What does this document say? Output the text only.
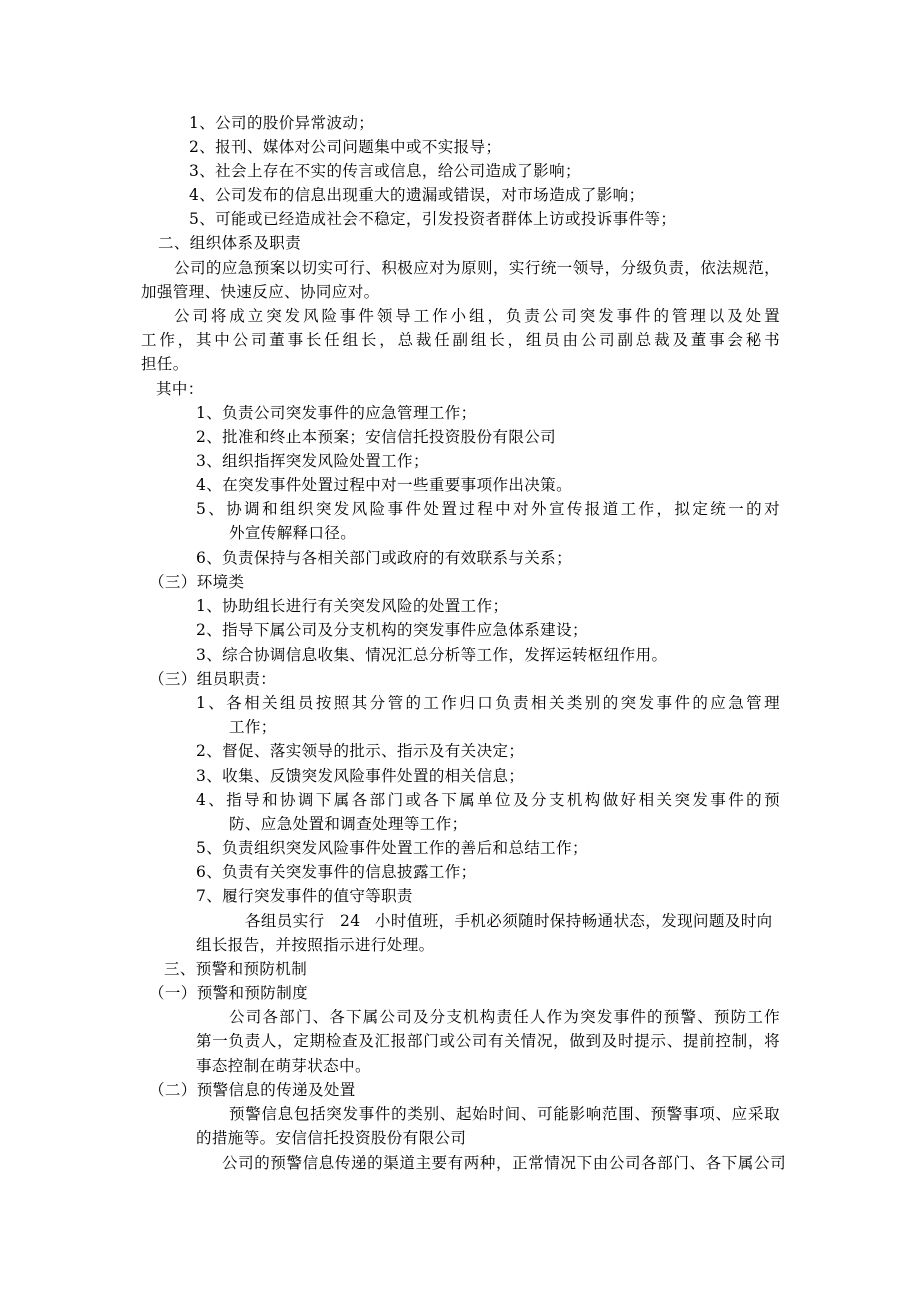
1、公司的股价异常波动；
2、报刊、媒体对公司问题集中或不实报导；
3、社会上存在不实的传言或信息，给公司造成了影响；
4、公司发布的信息出现重大的遗漏或错误，对市场造成了影响；
5、可能或已经造成社会不稳定，引发投资者群体上访或投诉事件等；
二、组织体系及职责
公司的应急预案以切实可行、积极应对为原则，实行统一领导，分级负责，依法规范，
加强管理、快速反应、协同应对。
公司将成立突发风险事件领导工作小组，负责公司突发事件的管理以及处置
工作，其中公司董事长任组长，总裁任副组长，组员由公司副总裁及董事会秘书
担任。
其中：
1、负责公司突发事件的应急管理工作；
2、批准和终止本预案；安信信托投资股份有限公司
3、组织指挥突发风险处置工作；
4、在突发事件处置过程中对一些重要事项作出决策。
5、协调和组织突发风险事件处置过程中对外宣传报道工作，拟定统一的对
外宣传解释口径。
6、负责保持与各相关部门或政府的有效联系与关系；
（三）环境类
1、协助组长进行有关突发风险的处置工作；
2、指导下属公司及分支机构的突发事件应急体系建设；
3、综合协调信息收集、情况汇总分析等工作，发挥运转枢纽作用。
（三）组员职责：
1、各相关组员按照其分管的工作归口负责相关类别的突发事件的应急管理
工作；
2、督促、落实领导的批示、指示及有关决定；
3、收集、反馈突发风险事件处置的相关信息；
4、指导和协调下属各部门或各下属单位及分支机构做好相关突发事件的预
防、应急处置和调查处理等工作；
5、负责组织突发风险事件处置工作的善后和总结工作；
6、负责有关突发事件的信息披露工作；
7、履行突发事件的值守等职责
各组员实行 24 小时值班，手机必须随时保持畅通状态，发现问题及时向
组长报告，并按照指示进行处理。
三、预警和预防机制
（一）预警和预防制度
公司各部门、各下属公司及分支机构责任人作为突发事件的预警、预防工作
第一负责人，定期检查及汇报部门或公司有关情况，做到及时提示、提前控制，将
事态控制在萌芽状态中。
（二）预警信息的传递及处置
预警信息包括突发事件的类别、起始时间、可能影响范围、预警事项、应采取
的措施等。安信信托投资股份有限公司
公司的预警信息传递的渠道主要有两种，正常情况下由公司各部门、各下属公司
